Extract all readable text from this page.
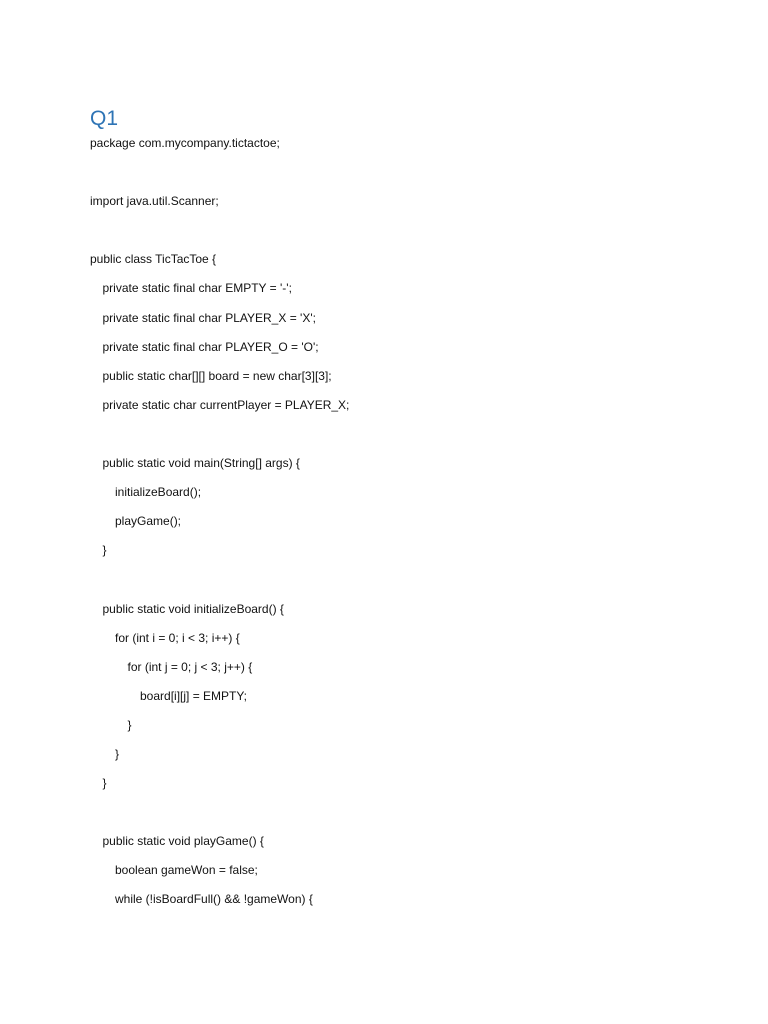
Q1
package com.mycompany.tictactoe;
import java.util.Scanner;
public class TicTacToe {
private static final char EMPTY = '-';
private static final char PLAYER_X = 'X';
private static final char PLAYER_O = 'O';
public static char[][] board = new char[3][3];
private static char currentPlayer = PLAYER_X;
public static void main(String[] args) {
initializeBoard();
playGame();
}
public static void initializeBoard() {
for (int i = 0; i < 3; i++) {
for (int j = 0; j < 3; j++) {
board[i][j] = EMPTY;
}
}
}
public static void playGame() {
boolean gameWon = false;
while (!isBoardFull() && !gameWon) {
